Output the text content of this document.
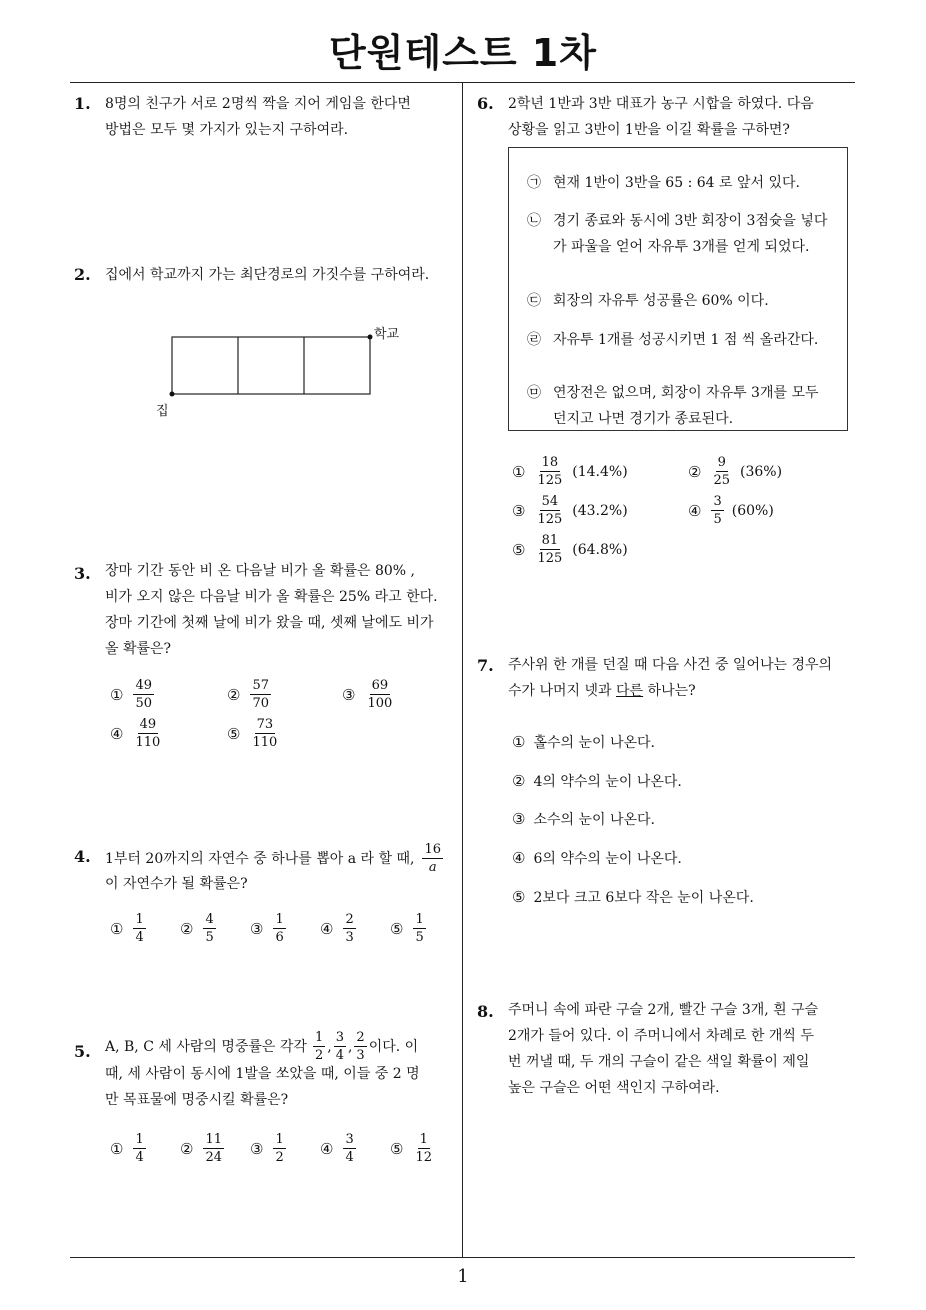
단원테스트 1차
1. 8명의 친구가 서로 2명씩 짝을 지어 게임을 한다면
방법은 모두 몇 가지가 있는지 구하여라.
2. 집에서 학교까지 가는 최단경로의 가짓수를 구하여라.
학교
집
3. 장마 기간 동안 비 온 다음날 비가 올 확률은 80% ,
비가 오지 않은 다음날 비가 올 확률은 25% 라고 한다.
장마 기간에 첫째 날에 비가 왔을 때, 셋째 날에도 비가
올 확률은?
① $\frac{49}{50}$	② $\frac{57}{70}$	③ $\frac{69}{100}$
④ $\frac{49}{110}$	⑤ $\frac{73}{110}$
4. 1부터 20까지의 자연수 중 하나를 뽑아 a 라 할 때, $\frac{16}{a}$
이 자연수가 될 확률은?
① $\frac{1}{4}$ ② $\frac{4}{5}$ ③ $\frac{1}{6}$ ④ $\frac{2}{3}$ ⑤ $\frac{1}{5}$
5. A, B, C 세 사람의 명중률은 각각 $\frac{1}{2}$ , $\frac{3}{4}$ , $\frac{2}{3}$ 이다. 이
때, 세 사람이 동시에 1발을 쏘았을 때, 이들 중 2 명
만 목표물에 명중시킬 확률은?
① $\frac{1}{4}$ ② $\frac{11}{24}$ ③ $\frac{1}{2}$ ④ $\frac{3}{4}$ ⑤ $\frac{1}{12}$
6. 2학년 1반과 3반 대표가 농구 시합을 하였다. 다음
상황을 읽고 3반이 1반을 이길 확률을 구하면?
㉠ 현재 1반이 3반을 65 : 64 로 앞서 있다.
㉡ 경기 종료와 동시에 3반 회장이 3점슛을 넣다가 파울을 얻어 자유투 3개를 얻게 되었다.
㉢ 회장의 자유투 성공률은 60% 이다.
㉣ 자유투 1개를 성공시키면 1 점 씩 올라간다.
㉤ 연장전은 없으며, 회장이 자유투 3개를 모두 던지고 나면 경기가 종료된다.
① $\frac{18}{125} (14.4\%)$	② $\frac{9}{25} (36\%)$
③ $\frac{54}{125} (43.2\%)$	④ $\frac{3}{5} (60\%)$
⑤ $\frac{81}{125} (64.8\%)$
7. 주사위 한 개를 던질 때 다음 사건 중 일어나는 경우의
수가 나머지 넷과 다른 하나는?
① 홀수의 눈이 나온다.
② 4의 약수의 눈이 나온다.
③ 소수의 눈이 나온다.
④ 6의 약수의 눈이 나온다.
⑤ 2보다 크고 6보다 작은 눈이 나온다.
8. 주머니 속에 파란 구슬 2개, 빨간 구슬 3개, 흰 구슬
2개가 들어 있다. 이 주머니에서 차례로 한 개씩 두
번 꺼낼 때, 두 개의 구슬이 같은 색일 확률이 제일
높은 구슬은 어떤 색인지 구하여라.
1
